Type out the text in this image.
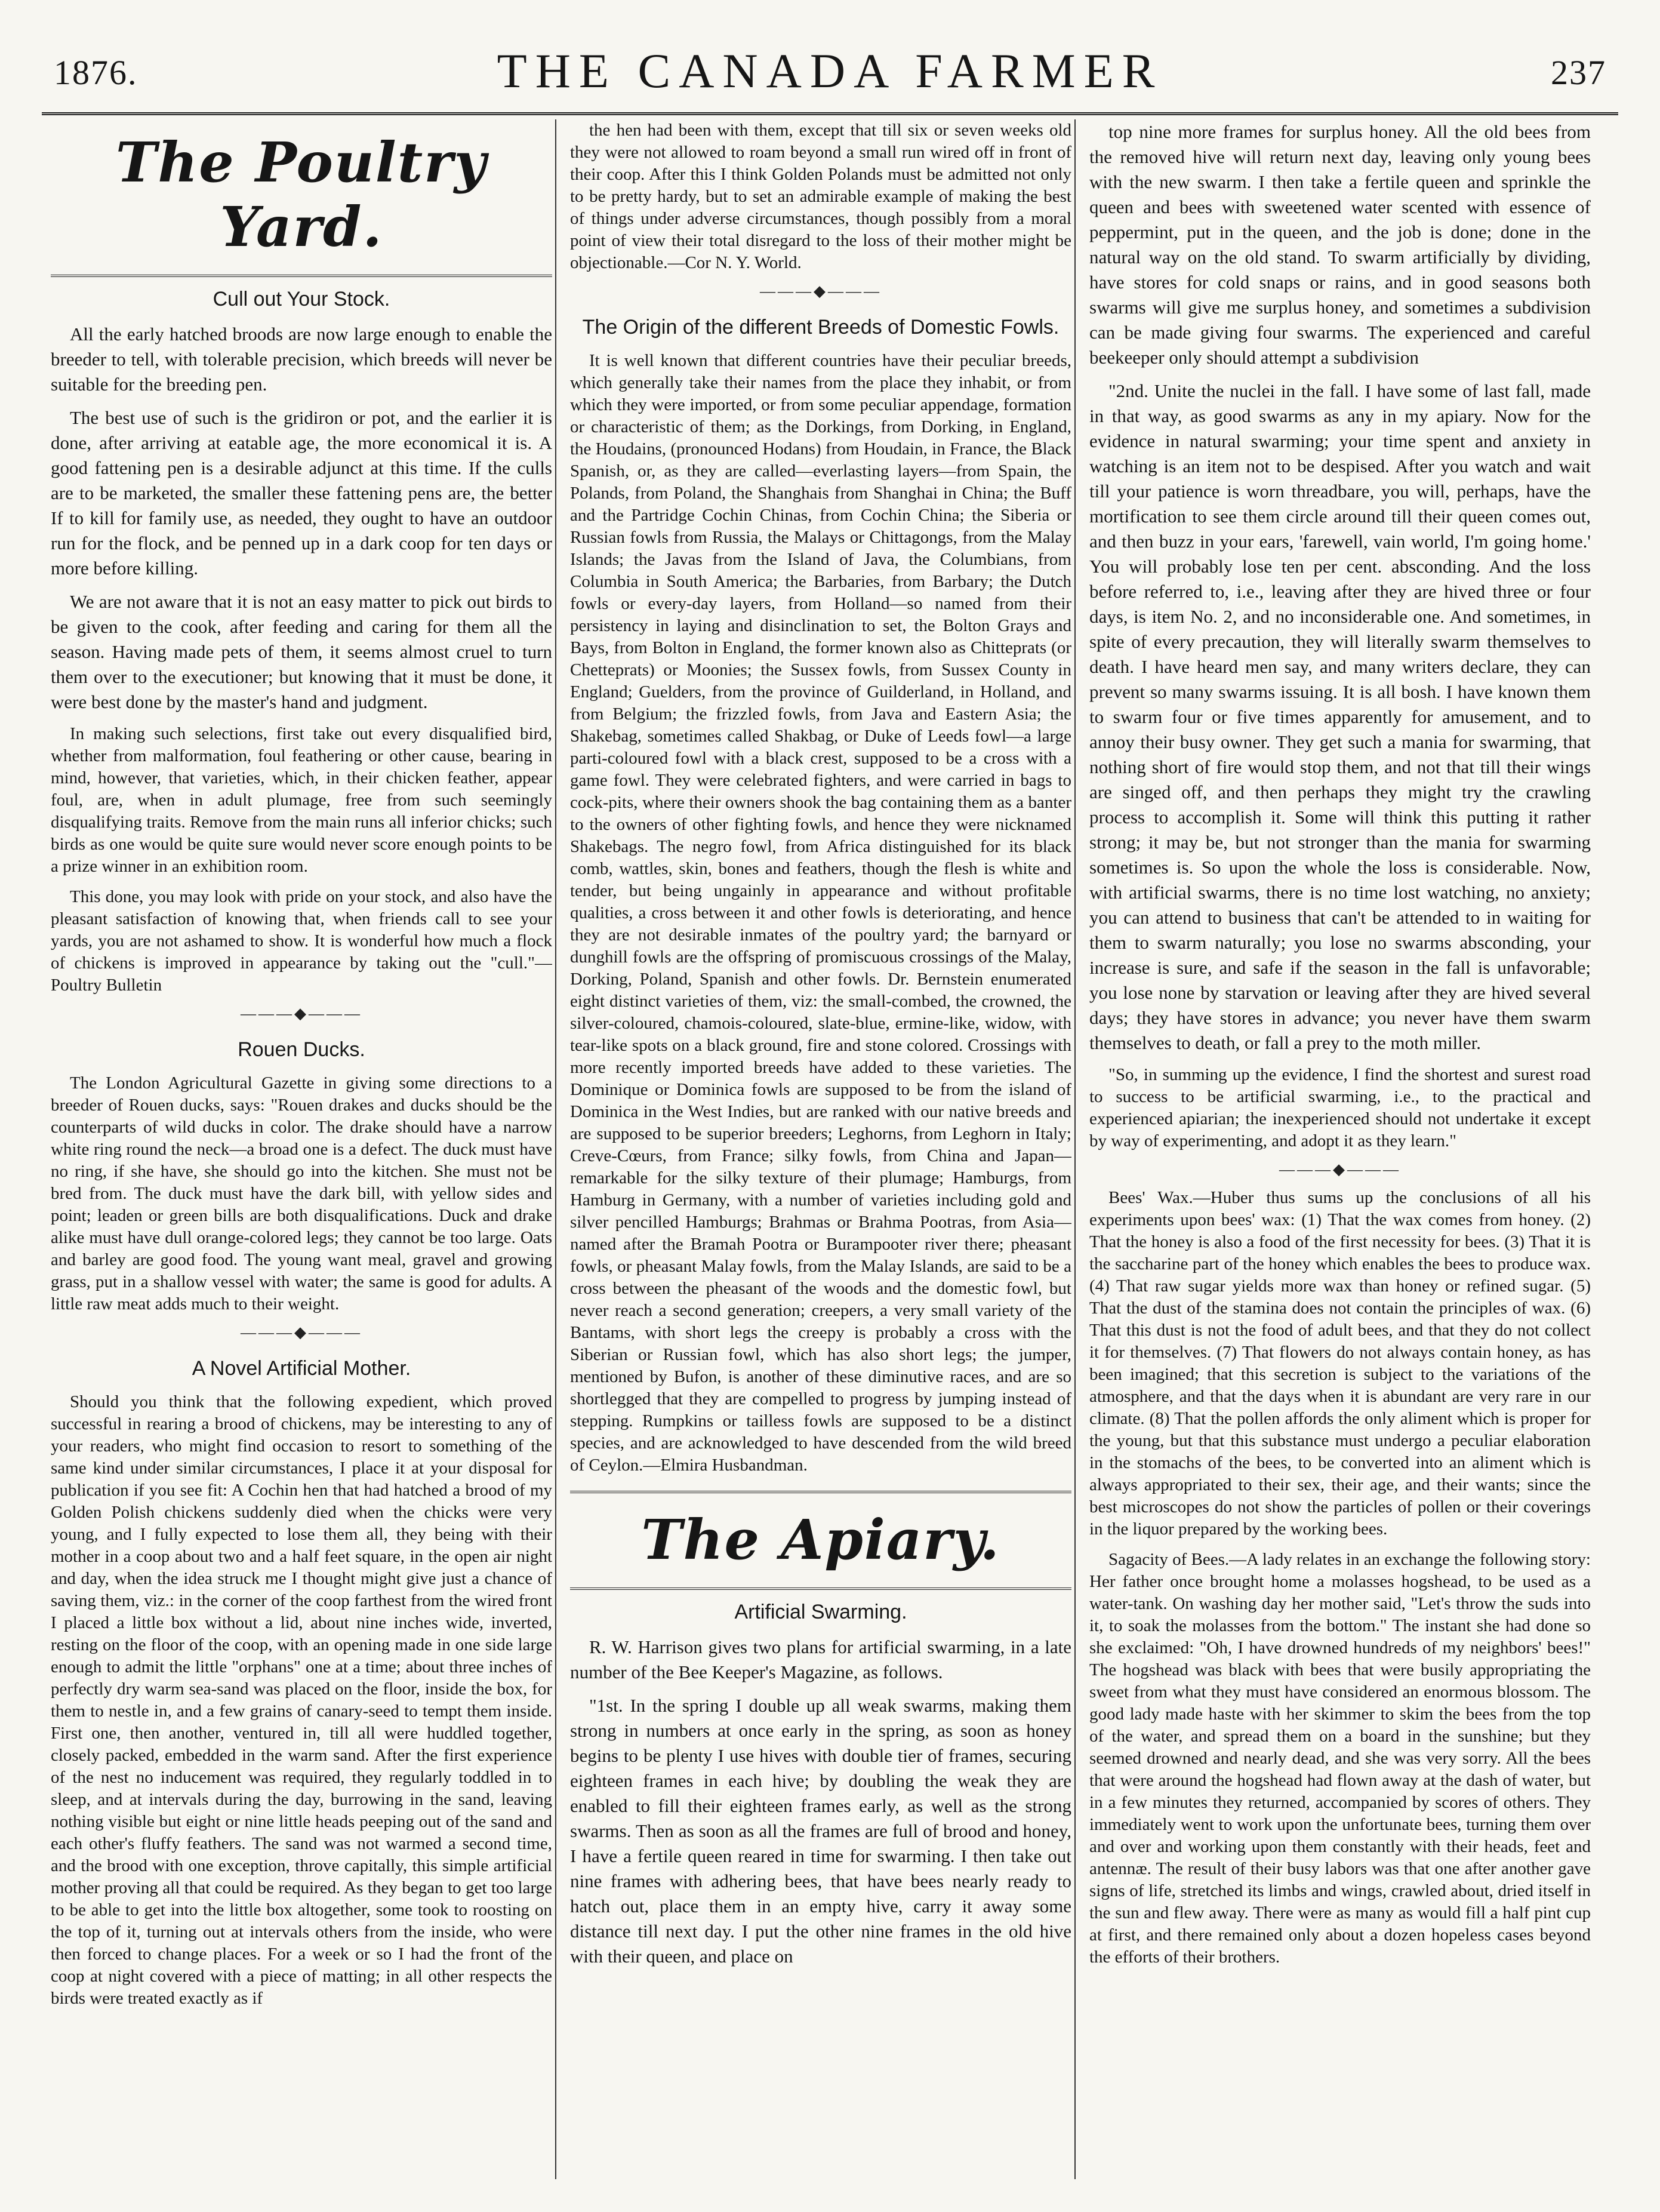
1876.	THE CANADA FARMER	237
The Poultry Yard.
Cull out Your Stock.

All the early hatched broods are now large enough to enable the breeder to tell, with tolerable precision, which breeds will never be suitable for the breeding pen.

The best use of such is the gridiron or pot, and the earlier it is done, after arriving at eatable age, the more economical it is. A good fattening pen is a desirable adjunct at this time. If the culls are to be marketed, the smaller these fattening pens are, the better If to kill for family use, as needed, they ought to have an outdoor run for the flock, and be penned up in a dark coop for ten days or more before killing.

We are not aware that it is not an easy matter to pick out birds to be given to the cook, after feeding and caring for them all the season. Having made pets of them, it seems almost cruel to turn them over to the executioner; but knowing that it must be done, it were best done by the master's hand and judgment.

In making such selections, first take out every disqualified bird, whether from malformation, foul feathering or other cause, bearing in mind, however, that varieties, which, in their chicken feather, appear foul, are, when in adult plumage, free from such seemingly disqualifying traits. Remove from the main runs all inferior chicks; such birds as one would be quite sure would never score enough points to be a prize winner in an exhibition room.

This done, you may look with pride on your stock, and also have the pleasant satisfaction of knowing that, when friends call to see your yards, you are not ashamed to show. It is wonderful how much a flock of chickens is improved in appearance by taking out the "cull."—Poultry Bulletin

———◆———
Rouen Ducks.

The London Agricultural Gazette in giving some directions to a breeder of Rouen ducks, says: "Rouen drakes and ducks should be the counterparts of wild ducks in color. The drake should have a narrow white ring round the neck—a broad one is a defect. The duck must have no ring, if she have, she should go into the kitchen. She must not be bred from. The duck must have the dark bill, with yellow sides and point; leaden or green bills are both disqualifications. Duck and drake alike must have dull orange-colored legs; they cannot be too large. Oats and barley are good food. The young want meal, gravel and growing grass, put in a shallow vessel with water; the same is good for adults. A little raw meat adds much to their weight.

———◆———
A Novel Artificial Mother.

Should you think that the following expedient, which proved successful in rearing a brood of chickens, may be interesting to any of your readers, who might find occasion to resort to something of the same kind under similar circumstances, I place it at your disposal for publication if you see fit: A Cochin hen that had hatched a brood of my Golden Polish chickens suddenly died when the chicks were very young, and I fully expected to lose them all, they being with their mother in a coop about two and a half feet square, in the open air night and day, when the idea struck me I thought might give just a chance of saving them, viz.: in the corner of the coop farthest from the wired front I placed a little box without a lid, about nine inches wide, inverted, resting on the floor of the coop, with an opening made in one side large enough to admit the little "orphans" one at a time; about three inches of perfectly dry warm sea-sand was placed on the floor, inside the box, for them to nestle in, and a few grains of canary-seed to tempt them inside. First one, then another, ventured in, till all were huddled together, closely packed, embedded in the warm sand. After the first experience of the nest no inducement was required, they regularly toddled in to sleep, and at intervals during the day, burrowing in the sand, leaving nothing visible but eight or nine little heads peeping out of the sand and each other's fluffy feathers. The sand was not warmed a second time, and the brood with one exception, throve capitally, this simple artificial mother proving all that could be required. As they began to get too large to be able to get into the little box altogether, some took to roosting on the top of it, turning out at intervals others from the inside, who were then forced to change places. For a week or so I had the front of the coop at night covered with a piece of matting; in all other respects the birds were treated exactly as if

the hen had been with them, except that till six or seven weeks old they were not allowed to roam beyond a small run wired off in front of their coop. After this I think Golden Polands must be admitted not only to be pretty hardy, but to set an admirable example of making the best of things under adverse circumstances, though possibly from a moral point of view their total disregard to the loss of their mother might be objectionable.—Cor N. Y. World.

———◆———
The Origin of the different Breeds of Domestic Fowls.

It is well known that different countries have their peculiar breeds, which generally take their names from the place they inhabit, or from which they were imported, or from some peculiar appendage, formation or characteristic of them; as the Dorkings, from Dorking, in England, the Houdains, (pronounced Hodans) from Houdain, in France, the Black Spanish, or, as they are called—everlasting layers—from Spain, the Polands, from Poland, the Shanghais from Shanghai in China; the Buff and the Partridge Cochin Chinas, from Cochin China; the Siberia or Russian fowls from Russia, the Malays or Chittagongs, from the Malay Islands; the Javas from the Island of Java, the Columbians, from Columbia in South America; the Barbaries, from Barbary; the Dutch fowls or every-day layers, from Holland—so named from their persistency in laying and disinclination to set, the Bolton Grays and Bays, from Bolton in England, the former known also as Chitteprats (or Chetteprats) or Moonies; the Sussex fowls, from Sussex County in England; Guelders, from the province of Guilderland, in Holland, and from Belgium; the frizzled fowls, from Java and Eastern Asia; the Shakebag, sometimes called Shakbag, or Duke of Leeds fowl—a large parti-coloured fowl with a black crest, supposed to be a cross with a game fowl. They were celebrated fighters, and were carried in bags to cock-pits, where their owners shook the bag containing them as a banter to the owners of other fighting fowls, and hence they were nicknamed Shakebags. The negro fowl, from Africa distinguished for its black comb, wattles, skin, bones and feathers, though the flesh is white and tender, but being ungainly in appearance and without profitable qualities, a cross between it and other fowls is deteriorating, and hence they are not desirable inmates of the poultry yard; the barnyard or dunghill fowls are the offspring of promiscuous crossings of the Malay, Dorking, Poland, Spanish and other fowls. Dr. Bernstein enumerated eight distinct varieties of them, viz: the small-combed, the crowned, the silver-coloured, chamois-coloured, slate-blue, ermine-like, widow, with tear-like spots on a black ground, fire and stone colored. Crossings with more recently imported breeds have added to these varieties. The Dominique or Dominica fowls are supposed to be from the island of Dominica in the West Indies, but are ranked with our native breeds and are supposed to be superior breeders; Leghorns, from Leghorn in Italy; Creve-Cœurs, from France; silky fowls, from China and Japan—remarkable for the silky texture of their plumage; Hamburgs, from Hamburg in Germany, with a number of varieties including gold and silver pencilled Hamburgs; Brahmas or Brahma Pootras, from Asia—named after the Bramah Pootra or Burampooter river there; pheasant fowls, or pheasant Malay fowls, from the Malay Islands, are said to be a cross between the pheasant of the woods and the domestic fowl, but never reach a second generation; creepers, a very small variety of the Bantams, with short legs the creepy is probably a cross with the Siberian or Russian fowl, which has also short legs; the jumper, mentioned by Bufon, is another of these diminutive races, and are so shortlegged that they are compelled to progress by jumping instead of stepping. Rumpkins or tailless fowls are supposed to be a distinct species, and are acknowledged to have descended from the wild breed of Ceylon.—Elmira Husbandman.

The Apiary.
Artificial Swarming.

R. W. Harrison gives two plans for artificial swarming, in a late number of the Bee Keeper's Magazine, as follows.

"1st. In the spring I double up all weak swarms, making them strong in numbers at once early in the spring, as soon as honey begins to be plenty I use hives with double tier of frames, securing eighteen frames in each hive; by doubling the weak they are enabled to fill their eighteen frames early, as well as the strong swarms. Then as soon as all the frames are full of brood and honey, I have a fertile queen reared in time for swarming. I then take out nine frames with adhering bees, that have bees nearly ready to hatch out, place them in an empty hive, carry it away some distance till next day. I put the other nine frames in the old hive with their queen, and place on

top nine more frames for surplus honey. All the old bees from the removed hive will return next day, leaving only young bees with the new swarm. I then take a fertile queen and sprinkle the queen and bees with sweetened water scented with essence of peppermint, put in the queen, and the job is done; done in the natural way on the old stand. To swarm artificially by dividing, have stores for cold snaps or rains, and in good seasons both swarms will give me surplus honey, and sometimes a subdivision can be made giving four swarms. The experienced and careful beekeeper only should attempt a subdivision

"2nd. Unite the nuclei in the fall. I have some of last fall, made in that way, as good swarms as any in my apiary. Now for the evidence in natural swarming; your time spent and anxiety in watching is an item not to be despised. After you watch and wait till your patience is worn threadbare, you will, perhaps, have the mortification to see them circle around till their queen comes out, and then buzz in your ears, 'farewell, vain world, I'm going home.' You will probably lose ten per cent. absconding. And the loss before referred to, i.e., leaving after they are hived three or four days, is item No. 2, and no inconsiderable one. And sometimes, in spite of every precaution, they will literally swarm themselves to death. I have heard men say, and many writers declare, they can prevent so many swarms issuing. It is all bosh. I have known them to swarm four or five times apparently for amusement, and to annoy their busy owner. They get such a mania for swarming, that nothing short of fire would stop them, and not that till their wings are singed off, and then perhaps they might try the crawling process to accomplish it. Some will think this putting it rather strong; it may be, but not stronger than the mania for swarming sometimes is. So upon the whole the loss is considerable. Now, with artificial swarms, there is no time lost watching, no anxiety; you can attend to business that can't be attended to in waiting for them to swarm naturally; you lose no swarms absconding, your increase is sure, and safe if the season in the fall is unfavorable; you lose none by starvation or leaving after they are hived several days; they have stores in advance; you never have them swarm themselves to death, or fall a prey to the moth miller.

"So, in summing up the evidence, I find the shortest and surest road to success to be artificial swarming, i.e., to the practical and experienced apiarian; the inexperienced should not undertake it except by way of experimenting, and adopt it as they learn."

———◆———

Bees' Wax.—Huber thus sums up the conclusions of all his experiments upon bees' wax: (1) That the wax comes from honey. (2) That the honey is also a food of the first necessity for bees. (3) That it is the saccharine part of the honey which enables the bees to produce wax. (4) That raw sugar yields more wax than honey or refined sugar. (5) That the dust of the stamina does not contain the principles of wax. (6) That this dust is not the food of adult bees, and that they do not collect it for themselves. (7) That flowers do not always contain honey, as has been imagined; that this secretion is subject to the variations of the atmosphere, and that the days when it is abundant are very rare in our climate. (8) That the pollen affords the only aliment which is proper for the young, but that this substance must undergo a peculiar elaboration in the stomachs of the bees, to be converted into an aliment which is always appropriated to their sex, their age, and their wants; since the best microscopes do not show the particles of pollen or their coverings in the liquor prepared by the working bees.

Sagacity of Bees.—A lady relates in an exchange the following story: Her father once brought home a molasses hogshead, to be used as a water-tank. On washing day her mother said, "Let's throw the suds into it, to soak the molasses from the bottom." The instant she had done so she exclaimed: "Oh, I have drowned hundreds of my neighbors' bees!" The hogshead was black with bees that were busily appropriating the sweet from what they must have considered an enormous blossom. The good lady made haste with her skimmer to skim the bees from the top of the water, and spread them on a board in the sunshine; but they seemed drowned and nearly dead, and she was very sorry. All the bees that were around the hogshead had flown away at the dash of water, but in a few minutes they returned, accompanied by scores of others. They immediately went to work upon the unfortunate bees, turning them over and over and working upon them constantly with their heads, feet and antennæ. The result of their busy labors was that one after another gave signs of life, stretched its limbs and wings, crawled about, dried itself in the sun and flew away. There were as many as would fill a half pint cup at first, and there remained only about a dozen hopeless cases beyond the efforts of their brothers.
